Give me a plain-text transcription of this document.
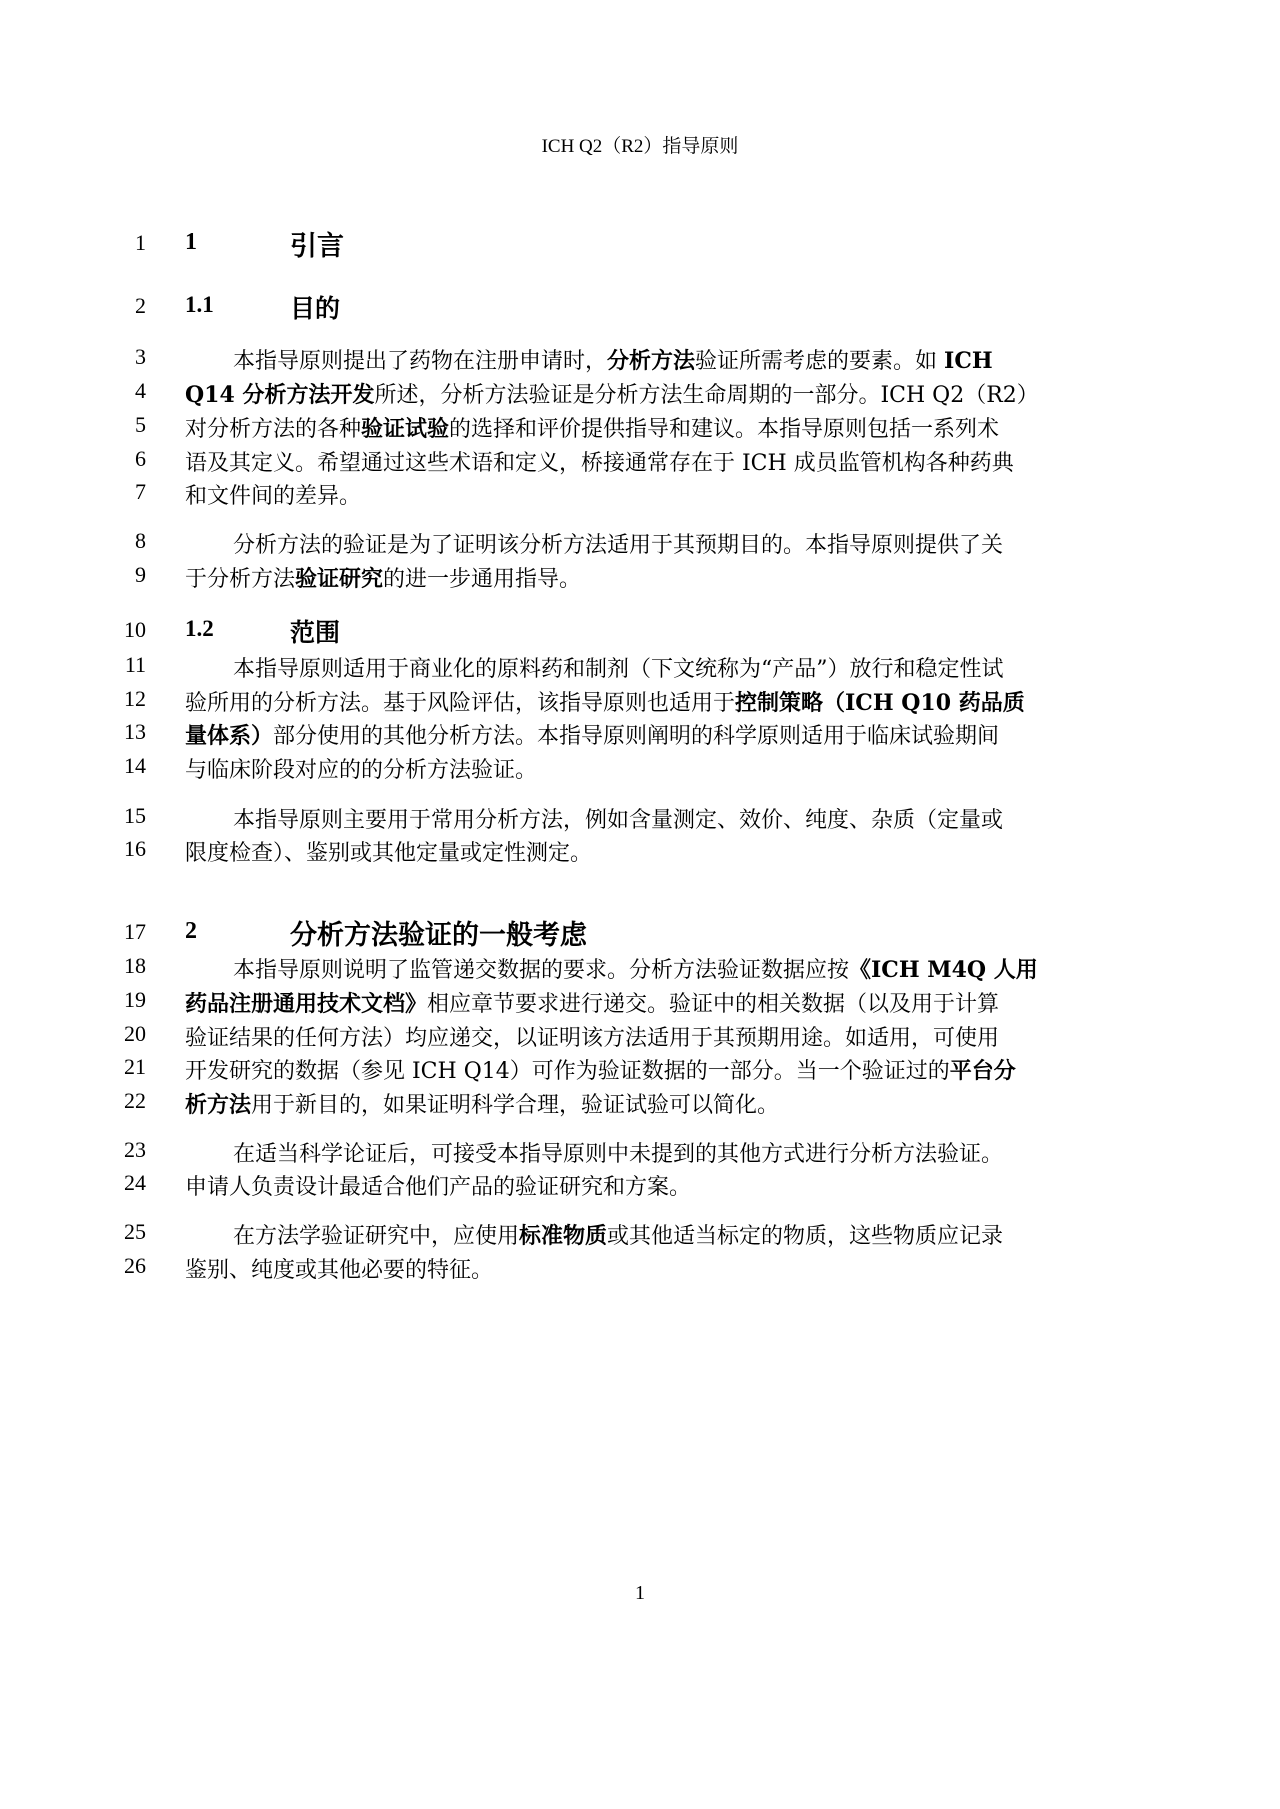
ICH Q2（R2）指导原则
1 1	引言
2 1.1	目的
10 1.2	范围
17 2	分析方法验证的一般考虑
3	本指导原则提出了药物在注册申请时，分析方法验证所需考虑的要素。如 ICH
4 Q14 分析方法开发所述，分析方法验证是分析方法生命周期的一部分。ICH Q2（R2）
5 对分析方法的各种验证试验的选择和评价提供指导和建议。本指导原则包括一系列术
6 语及其定义。希望通过这些术语和定义，桥接通常存在于 ICH 成员监管机构各种药典
7 和文件间的差异。
8	分析方法的验证是为了证明该分析方法适用于其预期目的。本指导原则提供了关
9 于分析方法验证研究的进一步通用指导。
11	本指导原则适用于商业化的原料药和制剂（下文统称为“产品”）放行和稳定性试
12 验所用的分析方法。基于风险评估，该指导原则也适用于控制策略（ICH Q10 药品质
13 量体系）部分使用的其他分析方法。本指导原则阐明的科学原则适用于临床试验期间
14 与临床阶段对应的的分析方法验证。
15	本指导原则主要用于常用分析方法，例如含量测定、效价、纯度、杂质（定量或
16 限度检查）、鉴别或其他定量或定性测定。
18	本指导原则说明了监管递交数据的要求。分析方法验证数据应按《ICH M4Q 人用
19 药品注册通用技术文档》相应章节要求进行递交。验证中的相关数据（以及用于计算
20 验证结果的任何方法）均应递交，以证明该方法适用于其预期用途。如适用，可使用
21 开发研究的数据（参见 ICH Q14）可作为验证数据的一部分。当一个验证过的平台分
22 析方法用于新目的，如果证明科学合理，验证试验可以简化。
23	在适当科学论证后，可接受本指导原则中未提到的其他方式进行分析方法验证。
24 申请人负责设计最适合他们产品的验证研究和方案。
25	在方法学验证研究中，应使用标准物质或其他适当标定的物质，这些物质应记录
26 鉴别、纯度或其他必要的特征。
1
